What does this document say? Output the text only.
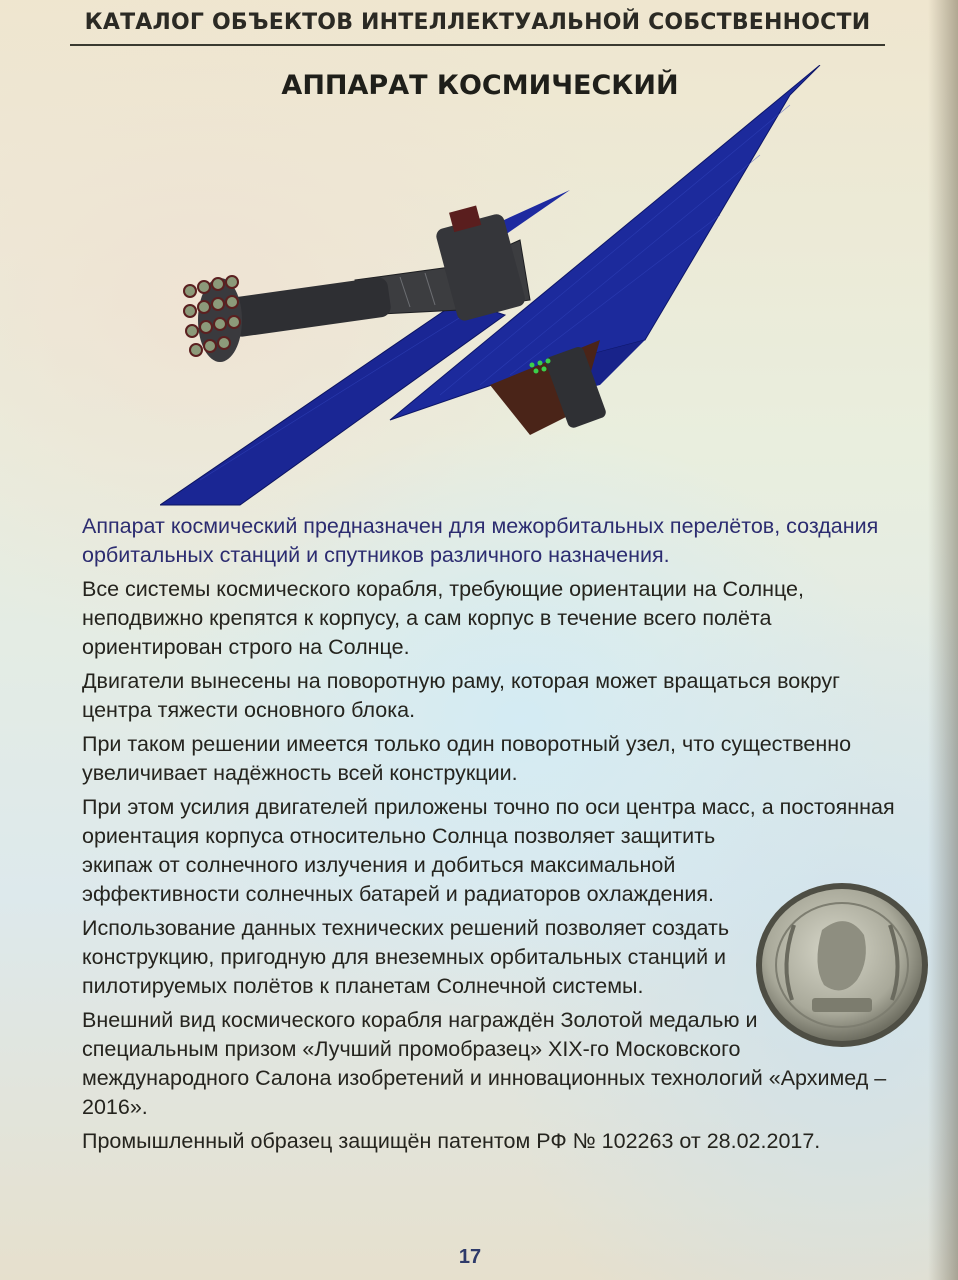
КАТАЛОГ ОБЪЕКТОВ ИНТЕЛЛЕКТУАЛЬНОЙ СОБСТВЕННОСТИ
АППАРАТ КОСМИЧЕСКИЙ

Аппарат космический предназначен для межорбитальных перелётов, создания орбитальных станций и спутников различного назначения.

Все системы космического корабля, требующие ориентации на Солнце, неподвижно крепятся к корпусу, а сам корпус в течение всего полёта ориентирован строго на Солнце.

Двигатели вынесены на поворотную раму, которая может вращаться вокруг центра тяжести основного блока.

При таком решении имеется только один поворотный узел, что существенно увеличивает надёжность всей конструкции.

При этом усилия двигателей приложены точно по оси центра масс, а постоянная ориентация корпуса относительно Солнца позволяет защитить

экипаж от солнечного излучения и добиться максимальной эффективности солнечных батарей и радиаторов охлаждения.

Использование данных технических решений позволяет создать конструкцию, пригодную для внеземных орбитальных станций и пилотируемых полётов к планетам Солнечной системы.

Внешний вид космического корабля награждён Золотой медалью и специальным призом «Лучший промобразец» XIX-го Московского международного Салона изобретений и инновационных технологий «Архимед – 2016».

Промышленный образец защищён патентом РФ № 102263 от 28.02.2017.

17
